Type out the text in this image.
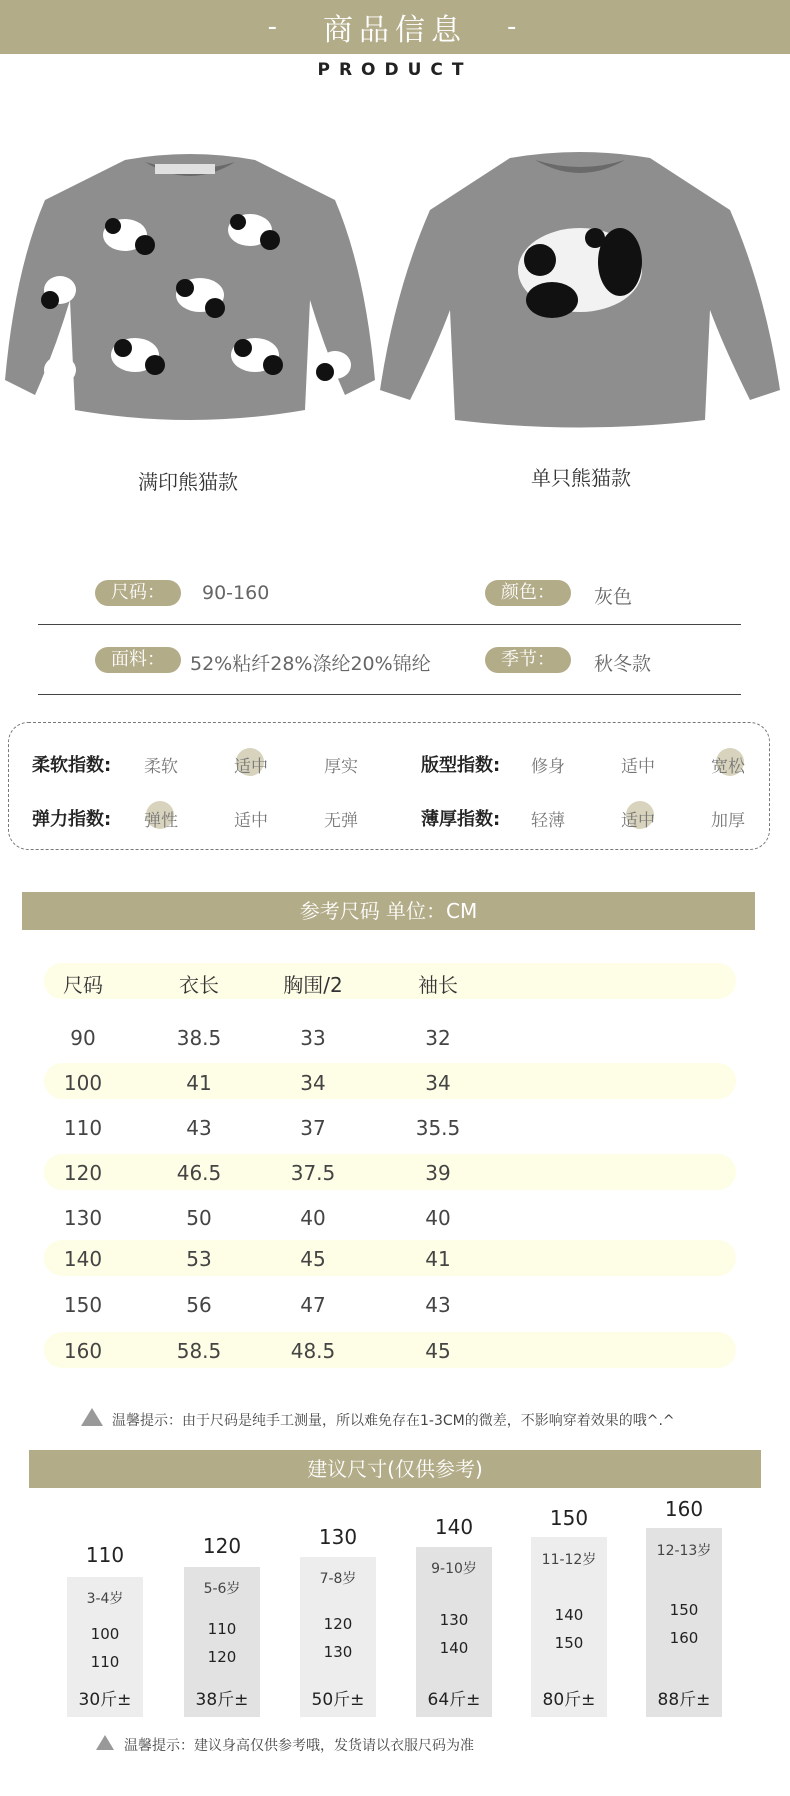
- 商品信息 -
PRODUCT
满印熊猫款	单只熊猫款
尺码：	90-160	颜色：	灰色
面料：	52%粘纤28%涤纶20%锦纶	季节：	秋冬款
柔软指数:	柔软	适中	厚实	版型指数:	修身	适中	宽松
弹力指数:	弹性	适中	无弹	薄厚指数:	轻薄	适中	加厚
参考尺码 单位：CM
尺码	衣长	胸围/2	袖长
90	38.5	33	32
100	41	34	34
110	43	37	35.5
120	46.5	37.5	39
130	50	40	40
140	53	45	41
150	56	47	43
160	58.5	48.5	45
温馨提示：由于尺码是纯手工测量，所以难免存在1-3CM的微差，不影响穿着效果的哦^.^
建议尺寸(仅供参考)
110
3-4岁
100
110
30斤±
120
5-6岁
110
120
38斤±
130
7-8岁
120
130
50斤±
140
9-10岁
130
140
64斤±
150
11-12岁
140
150
80斤±
160
12-13岁
150
160
88斤±
温馨提示：建议身高仅供参考哦，发货请以衣服尺码为准
